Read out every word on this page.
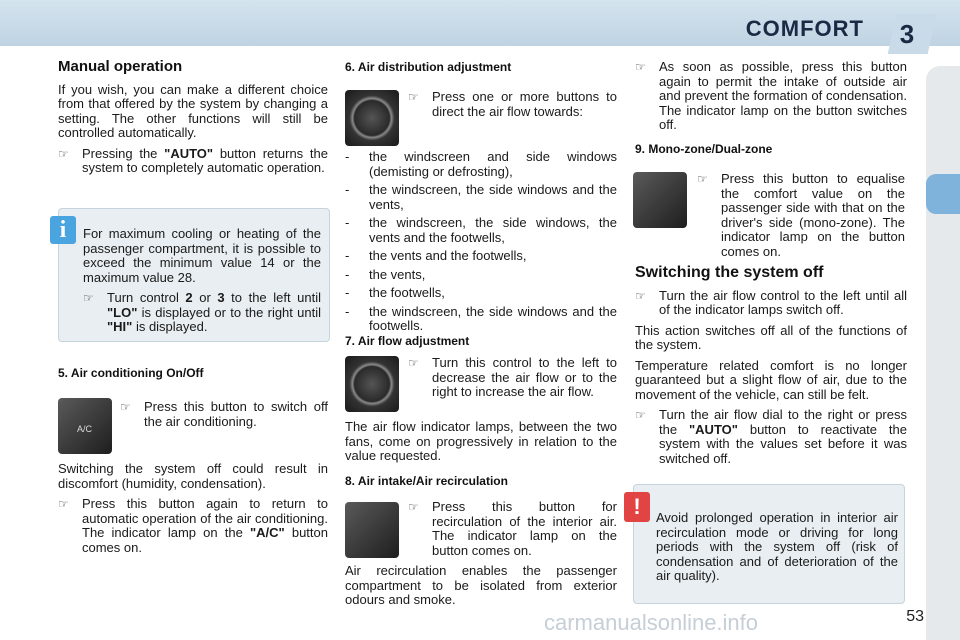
COMFORT	3
Manual operation

If you wish, you can make a different choice from that offered by the system by changing a setting. The other functions will still be controlled automatically.

☞	Pressing the "AUTO" button returns the system to completely automatic operation.

For maximum cooling or heating of the passenger compartment, it is possible to exceed the minimum value 14 or the maximum value 28.

☞	Turn control 2 or 3 to the left until "LO" is displayed or to the right until "HI" is displayed.
i
5. Air conditioning On/Off
A/C
☞	Press this button to switch off the air conditioning.

Switching the system off could result in discomfort (humidity, condensation).

☞	Press this button again to return to automatic operation of the air conditioning. The indicator lamp on the "A/C" button comes on.
6. Air distribution adjustment
☞	Press one or more buttons to direct the air flow towards:
-	the windscreen and side windows (demisting or defrosting),
-	the windscreen, the side windows and the vents,
-	the windscreen, the side windows, the vents and the footwells,
-	the vents and the footwells,
-	the vents,
-	the footwells,
-	the windscreen, the side windows and the footwells.
7. Air flow adjustment
☞	Turn this control to the left to decrease the air flow or to the right to increase the air flow.

The air flow indicator lamps, between the two fans, come on progressively in relation to the value requested.

8. Air intake/Air recirculation
☞	Press this button for recirculation of the interior air. The indicator lamp on the button comes on.

Air recirculation enables the passenger compartment to be isolated from exterior odours and smoke.

☞	As soon as possible, press this button again to permit the intake of outside air and prevent the formation of condensation. The indicator lamp on the button switches off.
9. Mono-zone/Dual-zone
☞	Press this button to equalise the comfort value on the passenger side with that on the driver's side (mono-zone). The indicator lamp on the button comes on.
Switching the system off
☞	Turn the air flow control to the left until all of the indicator lamps switch off.

This action switches off all of the functions of the system.

Temperature related comfort is no longer guaranteed but a slight flow of air, due to the movement of the vehicle, can still be felt.

☞	Turn the air flow dial to the right or press the "AUTO" button to reactivate the system with the values set before it was switched off.

Avoid prolonged operation in interior air recirculation mode or driving for long periods with the system off (risk of condensation and of deterioration of the air quality).

!
carmanualsonline.info	53
